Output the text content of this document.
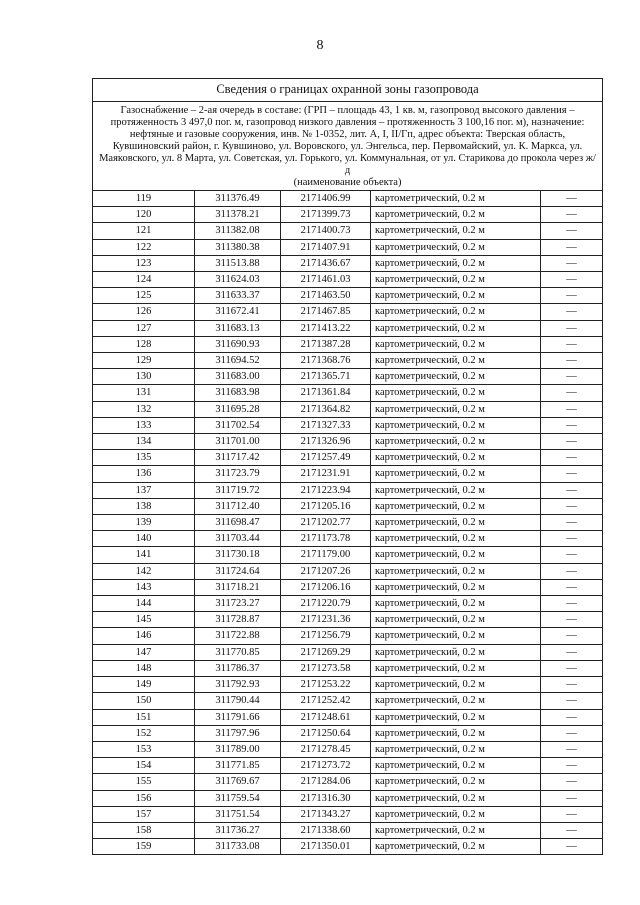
8
Сведения о границах охранной зоны газопровода				
Газоснабжение – 2-ая очередь в составе: (ГРП – площадь 43, 1 кв. м, газопровод высокого давления – протяженность 3 497,0 пог. м, газопровод низкого давления – протяженность 3 100,16 пог. м), назначение: нефтяные и газовые сооружения, инв. № 1-0352, лит. А, I, II/Гп, адрес объекта: Тверская область, Кувшиновский район, г. Кувшиново, ул. Воровского, ул. Энгельса, пер. Первомайский, ул. К. Маркса, ул. Маяковского, ул. 8 Марта, ул. Советская, ул. Горького, ул. Коммунальная, от ул. Старикова до прокола через ж/д
(наименование объекта)				

119	311376.49	2171406.99	картометрический, 0.2 м	—
120	311378.21	2171399.73	картометрический, 0.2 м	—
121	311382.08	2171400.73	картометрический, 0.2 м	—
122	311380.38	2171407.91	картометрический, 0.2 м	—
123	311513.88	2171436.67	картометрический, 0.2 м	—
124	311624.03	2171461.03	картометрический, 0.2 м	—
125	311633.37	2171463.50	картометрический, 0.2 м	—
126	311672.41	2171467.85	картометрический, 0.2 м	—
127	311683.13	2171413.22	картометрический, 0.2 м	—
128	311690.93	2171387.28	картометрический, 0.2 м	—
129	311694.52	2171368.76	картометрический, 0.2 м	—
130	311683.00	2171365.71	картометрический, 0.2 м	—
131	311683.98	2171361.84	картометрический, 0.2 м	—
132	311695.28	2171364.82	картометрический, 0.2 м	—
133	311702.54	2171327.33	картометрический, 0.2 м	—
134	311701.00	2171326.96	картометрический, 0.2 м	—
135	311717.42	2171257.49	картометрический, 0.2 м	—
136	311723.79	2171231.91	картометрический, 0.2 м	—
137	311719.72	2171223.94	картометрический, 0.2 м	—
138	311712.40	2171205.16	картометрический, 0.2 м	—
139	311698.47	2171202.77	картометрический, 0.2 м	—
140	311703.44	2171173.78	картометрический, 0.2 м	—
141	311730.18	2171179.00	картометрический, 0.2 м	—
142	311724.64	2171207.26	картометрический, 0.2 м	—
143	311718.21	2171206.16	картометрический, 0.2 м	—
144	311723.27	2171220.79	картометрический, 0.2 м	—
145	311728.87	2171231.36	картометрический, 0.2 м	—
146	311722.88	2171256.79	картометрический, 0.2 м	—
147	311770.85	2171269.29	картометрический, 0.2 м	—
148	311786.37	2171273.58	картометрический, 0.2 м	—
149	311792.93	2171253.22	картометрический, 0.2 м	—
150	311790.44	2171252.42	картометрический, 0.2 м	—
151	311791.66	2171248.61	картометрический, 0.2 м	—
152	311797.96	2171250.64	картометрический, 0.2 м	—
153	311789.00	2171278.45	картометрический, 0.2 м	—
154	311771.85	2171273.72	картометрический, 0.2 м	—
155	311769.67	2171284.06	картометрический, 0.2 м	—
156	311759.54	2171316.30	картометрический, 0.2 м	—
157	311751.54	2171343.27	картометрический, 0.2 м	—
158	311736.27	2171338.60	картометрический, 0.2 м	—
159	311733.08	2171350.01	картометрический, 0.2 м	—
